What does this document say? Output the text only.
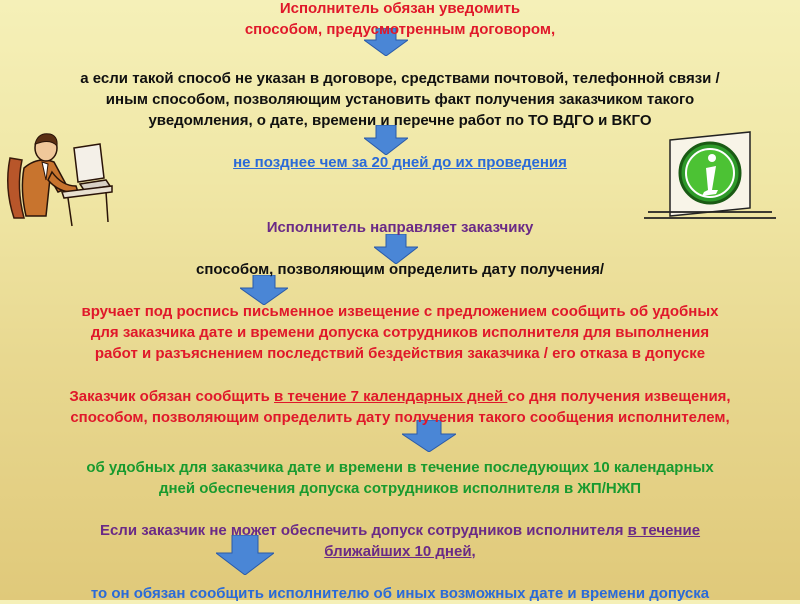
Исполнитель обязан уведомить
способом, предусмотренным договором,
а если такой способ не указан в договоре, средствами почтовой, телефонной связи /
иным способом, позволяющим установить факт получения заказчиком такого
уведомления, о дате, времени и перечне работ по ТО ВДГО и ВКГО
не позднее чем за 20 дней до их проведения
Исполнитель направляет заказчику
способом, позволяющим определить дату получения/
вручает под роспись письменное извещение с предложением сообщить об удобных
для заказчика дате и времени допуска сотрудников исполнителя для выполнения
работ и разъяснением последствий бездействия заказчика / его отказа в допуске
Заказчик обязан сообщить в течение 7 календарных дней со дня получения извещения,
способом, позволяющим определить дату получения такого сообщения исполнителем,
об удобных для заказчика дате и времени в течение последующих 10 календарных
дней обеспечения допуска сотрудников исполнителя в ЖП/НЖП
Если заказчик не может обеспечить допуск сотрудников исполнителя в течение
ближайших 10 дней,
то он обязан сообщить исполнителю об иных возможных дате и времени допуска
